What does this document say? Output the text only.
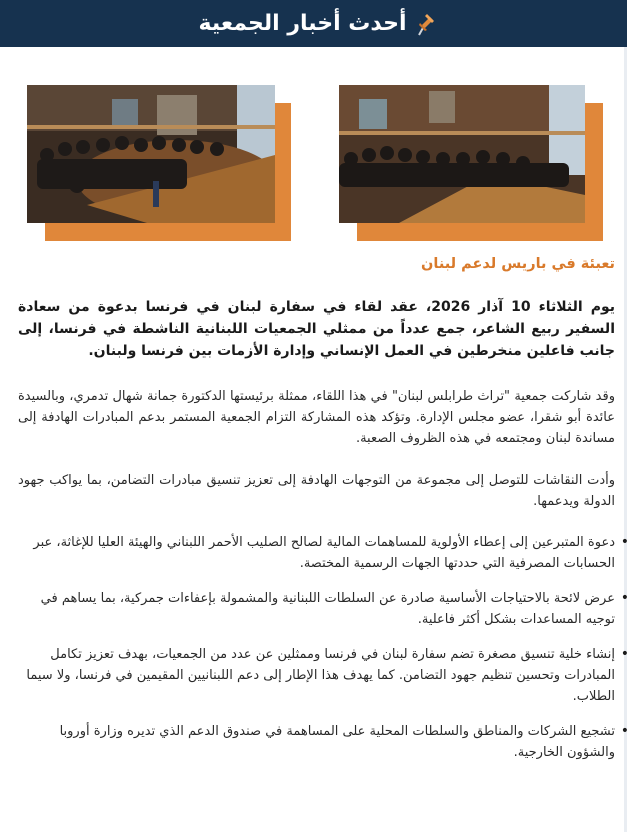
أحدث أخبار الجمعية
تعبئة في باريس لدعم لبنان
يوم الثلاثاء 10 آذار 2026، عقد لقاء في سفارة لبنان في فرنسا بدعوة من سعادة السفير ربيع الشاعر، جمع عدداً من ممثلي الجمعيات اللبنانية الناشطة في فرنسا، إلى جانب فاعلين منخرطين في العمل الإنساني وإدارة الأزمات بين فرنسا ولبنان.
وقد شاركت جمعية "تراث طرابلس لبنان" في هذا اللقاء، ممثلة برئيستها الدكتورة جمانة شهال تدمري، وبالسيدة عائدة أبو شقرا، عضو مجلس الإدارة. وتؤكد هذه المشاركة التزام الجمعية المستمر بدعم المبادرات الهادفة إلى مساندة لبنان ومجتمعه في هذه الظروف الصعبة.
وأدت النقاشات للتوصل إلى مجموعة من التوجهات الهادفة إلى تعزيز تنسيق مبادرات التضامن، بما يواكب جهود الدولة ويدعمها.
• دعوة المتبرعين إلى إعطاء الأولوية للمساهمات المالية لصالح الصليب الأحمر اللبناني والهيئة العليا للإغاثة، عبر الحسابات المصرفية التي حددتها الجهات الرسمية المختصة.
• عرض لائحة بالاحتياجات الأساسية صادرة عن السلطات اللبنانية والمشمولة بإعفاءات جمركية، بما يساهم في توجيه المساعدات بشكل أكثر فاعلية.
• إنشاء خلية تنسيق مصغرة تضم سفارة لبنان في فرنسا وممثلين عن عدد من الجمعيات، بهدف تعزيز تكامل المبادرات وتحسين تنظيم جهود التضامن. كما يهدف هذا الإطار إلى دعم اللبنانيين المقيمين في فرنسا، ولا سيما الطلاب.
• تشجيع الشركات والمناطق والسلطات المحلية على المساهمة في صندوق الدعم الذي تديره وزارة أوروبا والشؤون الخارجية.
